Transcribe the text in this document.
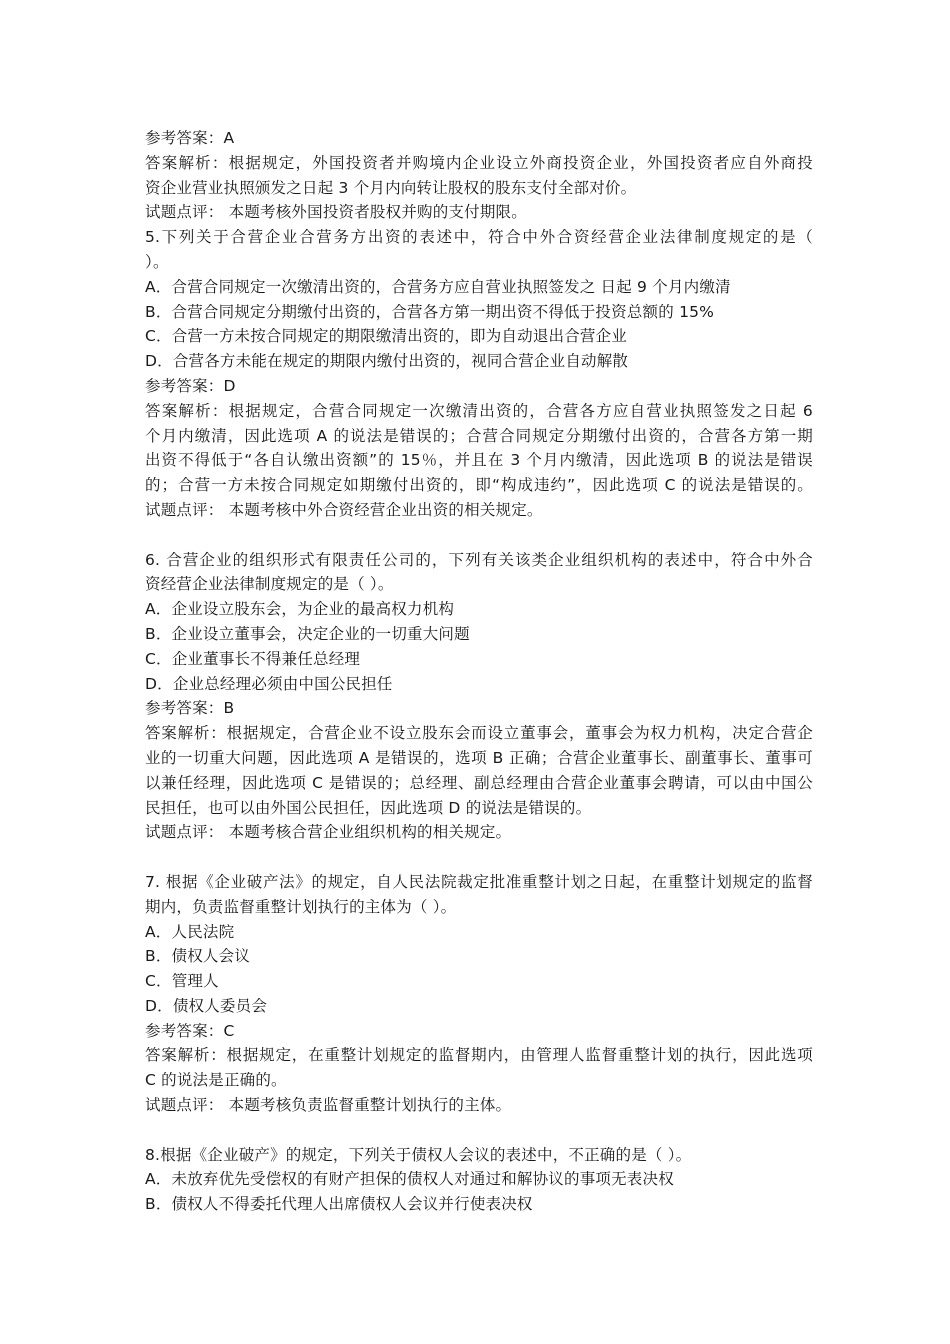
参考答案：A
答案解析：根据规定，外国投资者并购境内企业设立外商投资企业，外国投资者应自外商投
资企业营业执照颁发之日起 3 个月内向转让股权的股东支付全部对价。
试题点评： 本题考核外国投资者股权并购的支付期限。
5.下列关于合营企业合营务方出资的表述中，符合中外合资经营企业法律制度规定的是（
）。
A．合营合同规定一次缴清出资的，合营务方应自营业执照签发之 日起 9 个月内缴清
B．合营合同规定分期缴付出资的，合营各方第一期出资不得低于投资总额的 15%
C．合营一方未按合同规定的期限缴清出资的，即为自动退出合营企业
D．合营各方未能在规定的期限内缴付出资的，视同合营企业自动解散
参考答案：D
答案解析：根据规定，合营合同规定一次缴清出资的，合营各方应自营业执照签发之日起 6
个月内缴清，因此选项 A 的说法是错误的；合营合同规定分期缴付出资的，合营各方第一期
出资不得低于“各自认缴出资额”的 15％，并且在 3 个月内缴清，因此选项 B 的说法是错误
的；合营一方未按合同规定如期缴付出资的，即“构成违约”，因此选项 C 的说法是错误的。
试题点评： 本题考核中外合资经营企业出资的相关规定。
6. 合营企业的组织形式有限责任公司的，下列有关该类企业组织机构的表述中，符合中外合
资经营企业法律制度规定的是（ ）。
A．企业设立股东会，为企业的最高权力机构
B．企业设立董事会，决定企业的一切重大问题
C．企业董事长不得兼任总经理
D．企业总经理必须由中国公民担任
参考答案：B
答案解析：根据规定，合营企业不设立股东会而设立董事会，董事会为权力机构，决定合营企
业的一切重大问题，因此选项 A 是错误的，选项 B 正确；合营企业董事长、副董事长、董事可
以兼任经理，因此选项 C 是错误的；总经理、副总经理由合营企业董事会聘请，可以由中国公
民担任，也可以由外国公民担任，因此选项 D 的说法是错误的。
试题点评： 本题考核合营企业组织机构的相关规定。
7. 根据《企业破产法》的规定，自人民法院裁定批准重整计划之日起，在重整计划规定的监督
期内，负责监督重整计划执行的主体为（ ）。
A．人民法院
B．债权人会议
C．管理人
D．债权人委员会
参考答案：C
答案解析：根据规定，在重整计划规定的监督期内，由管理人监督重整计划的执行，因此选项
C 的说法是正确的。
试题点评： 本题考核负责监督重整计划执行的主体。
8.根据《企业破产》的规定，下列关于债权人会议的表述中，不正确的是（ ）。
A．未放弃优先受偿权的有财产担保的债权人对通过和解协议的事项无表决权
B．债权人不得委托代理人出席债权人会议并行使表决权
